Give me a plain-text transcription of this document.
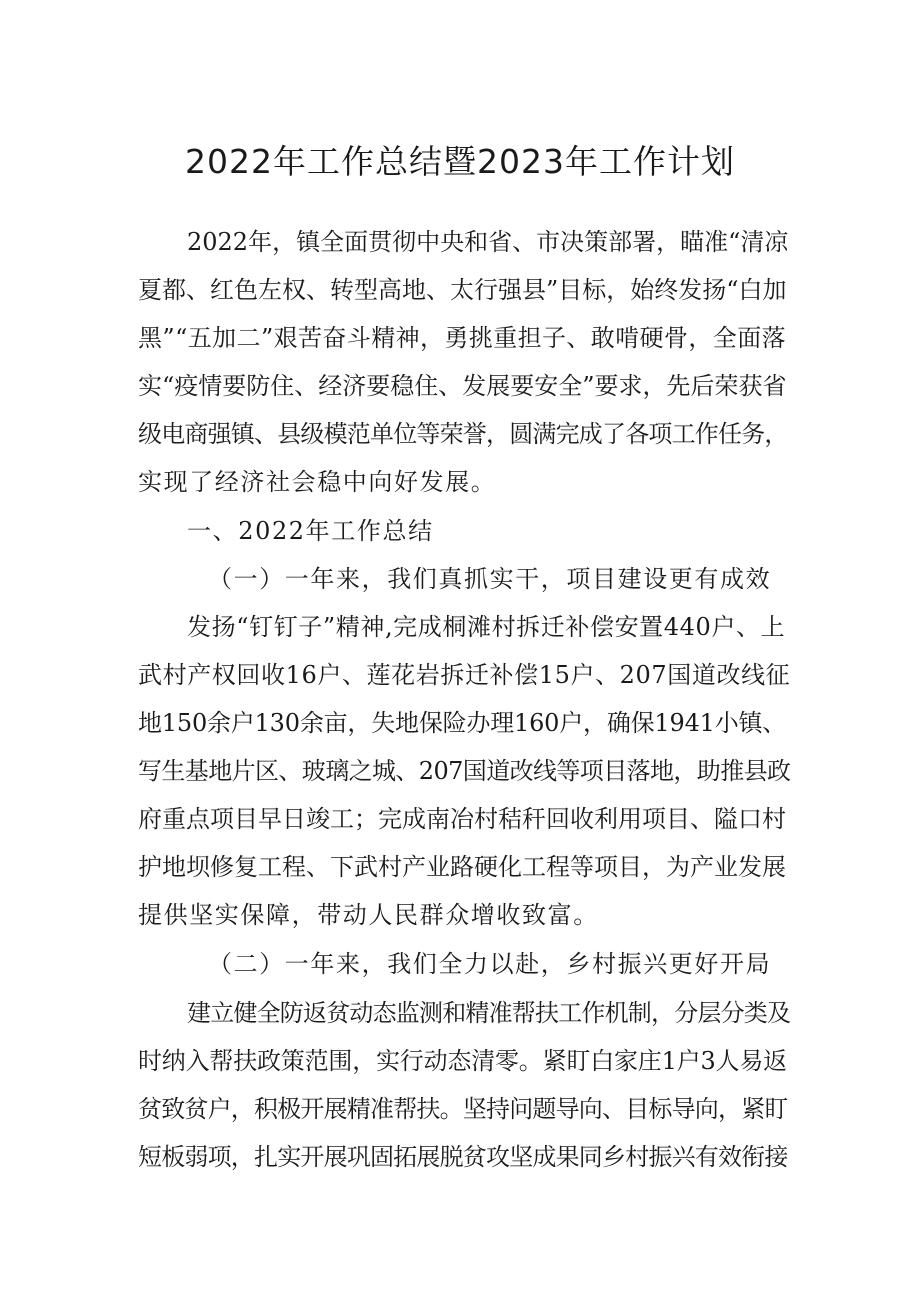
2022年工作总结暨2023年工作计划
2022年，镇全面贯彻中央和省、市决策部署，瞄准“清凉
夏都、红色左权、转型高地、太行强县”目标，始终发扬“白加
黑”“五加二”艰苦奋斗精神，勇挑重担子、敢啃硬骨，全面落
实“疫情要防住、经济要稳住、发展要安全”要求，先后荣获省
级电商强镇、县级模范单位等荣誉，圆满完成了各项工作任务，
实现了经济社会稳中向好发展。
一、2022年工作总结
（一）一年来，我们真抓实干，项目建设更有成效
发扬“钉钉子”精神,完成桐滩村拆迁补偿安置440户、上
武村产权回收16户、莲花岩拆迁补偿15户、207国道改线征
地150余户130余亩，失地保险办理160户，确保1941小镇、
写生基地片区、玻璃之城、207国道改线等项目落地，助推县政
府重点项目早日竣工；完成南冶村秸秆回收利用项目、隘口村
护地坝修复工程、下武村产业路硬化工程等项目，为产业发展
提供坚实保障，带动人民群众增收致富。
（二）一年来，我们全力以赴，乡村振兴更好开局
建立健全防返贫动态监测和精准帮扶工作机制，分层分类及
时纳入帮扶政策范围，实行动态清零。紧盯白家庄1户3人易返
贫致贫户，积极开展精准帮扶。坚持问题导向、目标导向，紧盯
短板弱项，扎实开展巩固拓展脱贫攻坚成果同乡村振兴有效衔接
